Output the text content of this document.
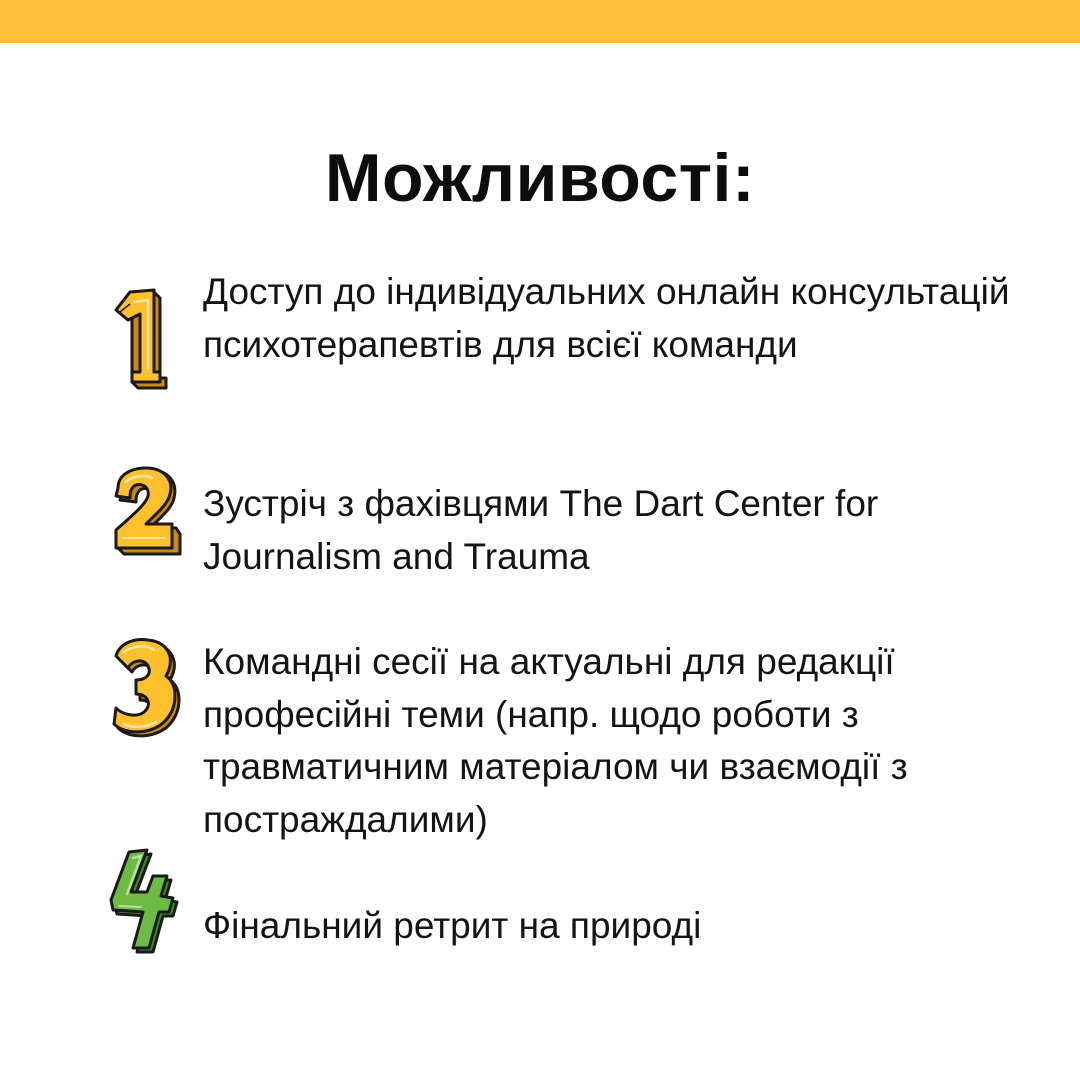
Можливості:
Доступ до індивідуальних онлайн консультацій психотерапевтів для всієї команди
Зустріч з фахівцями The Dart Center for Journalism and Trauma
Командні сесії на актуальні для редакції професійні теми (напр. щодо роботи з травматичним матеріалом чи взаємодії з постраждалими)
Фінальний ретрит на природі
